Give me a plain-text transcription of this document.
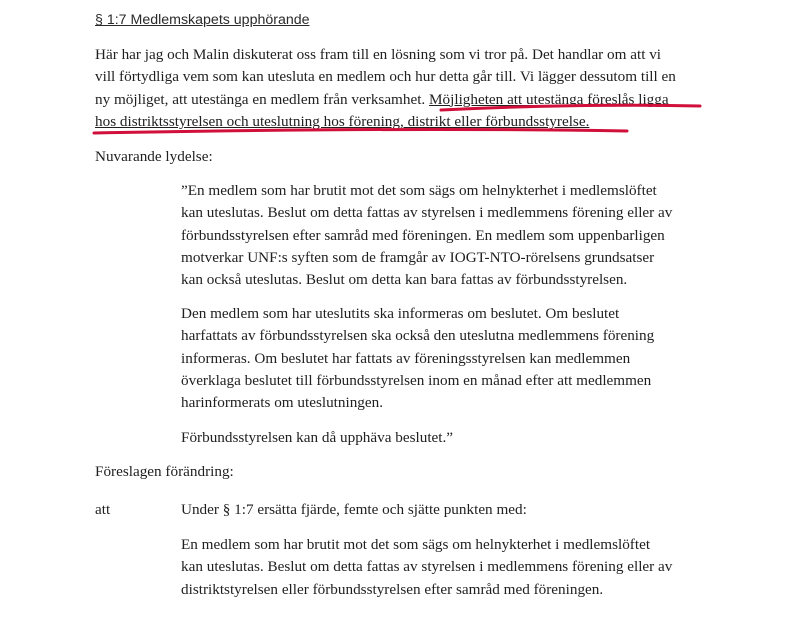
§ 1:7 Medlemskapets upphörande
Här har jag och Malin diskuterat oss fram till en lösning som vi tror på. Det handlar om att vi
vill förtydliga vem som kan utesluta en medlem och hur detta går till. Vi lägger dessutom till en
ny möjliget, att utestänga en medlem från verksamhet. Möjligheten att utestänga föreslås ligga
hos distriktsstyrelsen och uteslutning hos förening, distrikt eller förbundsstyrelse.
Nuvarande lydelse:
”En medlem som har brutit mot det som sägs om helnykterhet i medlemslöftet
kan uteslutas. Beslut om detta fattas av styrelsen i medlemmens förening eller av
förbundsstyrelsen efter samråd med föreningen. En medlem som uppenbarligen
motverkar UNF:s syften som de framgår av IOGT-NTO-rörelsens grundsatser
kan också uteslutas. Beslut om detta kan bara fattas av förbundsstyrelsen.
Den medlem som har uteslutits ska informeras om beslutet. Om beslutet
harfattats av förbundsstyrelsen ska också den uteslutna medlemmens förening
informeras. Om beslutet har fattats av föreningsstyrelsen kan medlemmen
överklaga beslutet till förbundsstyrelsen inom en månad efter att medlemmen
harinformerats om uteslutningen.
Förbundsstyrelsen kan då upphäva beslutet.”
Föreslagen förändring:
att	Under § 1:7 ersätta fjärde, femte och sjätte punkten med:
En medlem som har brutit mot det som sägs om helnykterhet i medlemslöftet
kan uteslutas. Beslut om detta fattas av styrelsen i medlemmens förening eller av
distriktstyrelsen eller förbundsstyrelsen efter samråd med föreningen.
